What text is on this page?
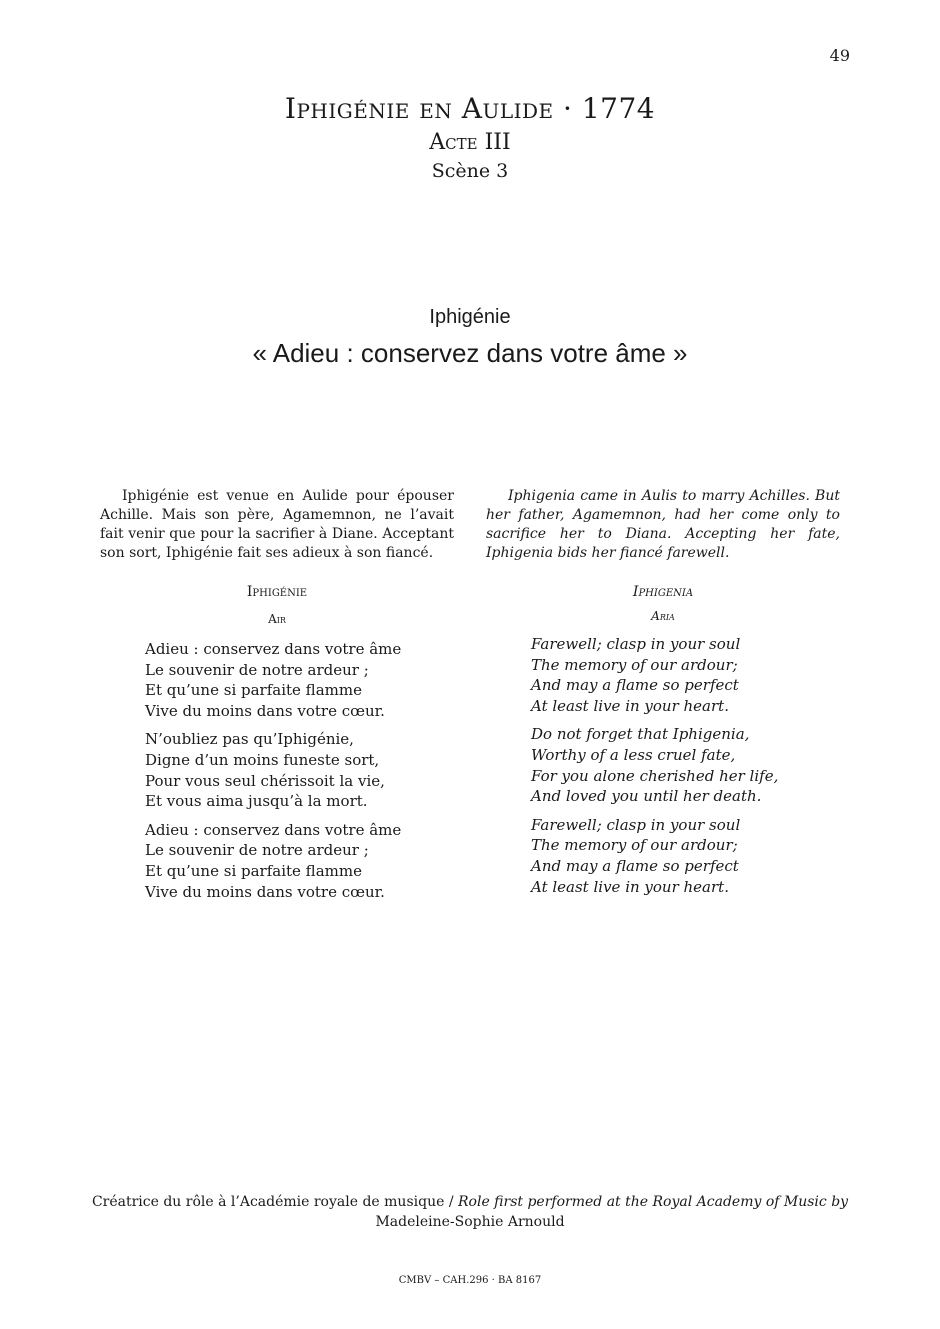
49
Iphigénie en Aulide · 1774
Acte III
Scène 3
Iphigénie
« Adieu : conservez dans votre âme »
Iphigénie est venue en Aulide pour épouser Achille. Mais son père, Agamemnon, ne l’avait fait venir que pour la sacrifier à Diane. Acceptant son sort, Iphigénie fait ses adieux à son fiancé.
Iphigenia came in Aulis to marry Achilles. But her father, Agamemnon, had her come only to sacrifice her to Diana. Accepting her fate, Iphigenia bids her fiancé farewell.
Iphigénie
Air
Iphigenia
Aria
Adieu : conservez dans votre âme
Le souvenir de notre ardeur ;
Et qu’une si parfaite flamme
Vive du moins dans votre cœur.
N’oubliez pas qu’Iphigénie,
Digne d’un moins funeste sort,
Pour vous seul chérissoit la vie,
Et vous aima jusqu’à la mort.
Adieu : conservez dans votre âme
Le souvenir de notre ardeur ;
Et qu’une si parfaite flamme
Vive du moins dans votre cœur.
Farewell; clasp in your soul
The memory of our ardour;
And may a flame so perfect
At least live in your heart.
Do not forget that Iphigenia,
Worthy of a less cruel fate,
For you alone cherished her life,
And loved you until her death.
Farewell; clasp in your soul
The memory of our ardour;
And may a flame so perfect
At least live in your heart.
Créatrice du rôle à l’Académie royale de musique / Role first performed at the Royal Academy of Music by
Madeleine-Sophie Arnould
CMBV – CAH.296 · BA 8167
